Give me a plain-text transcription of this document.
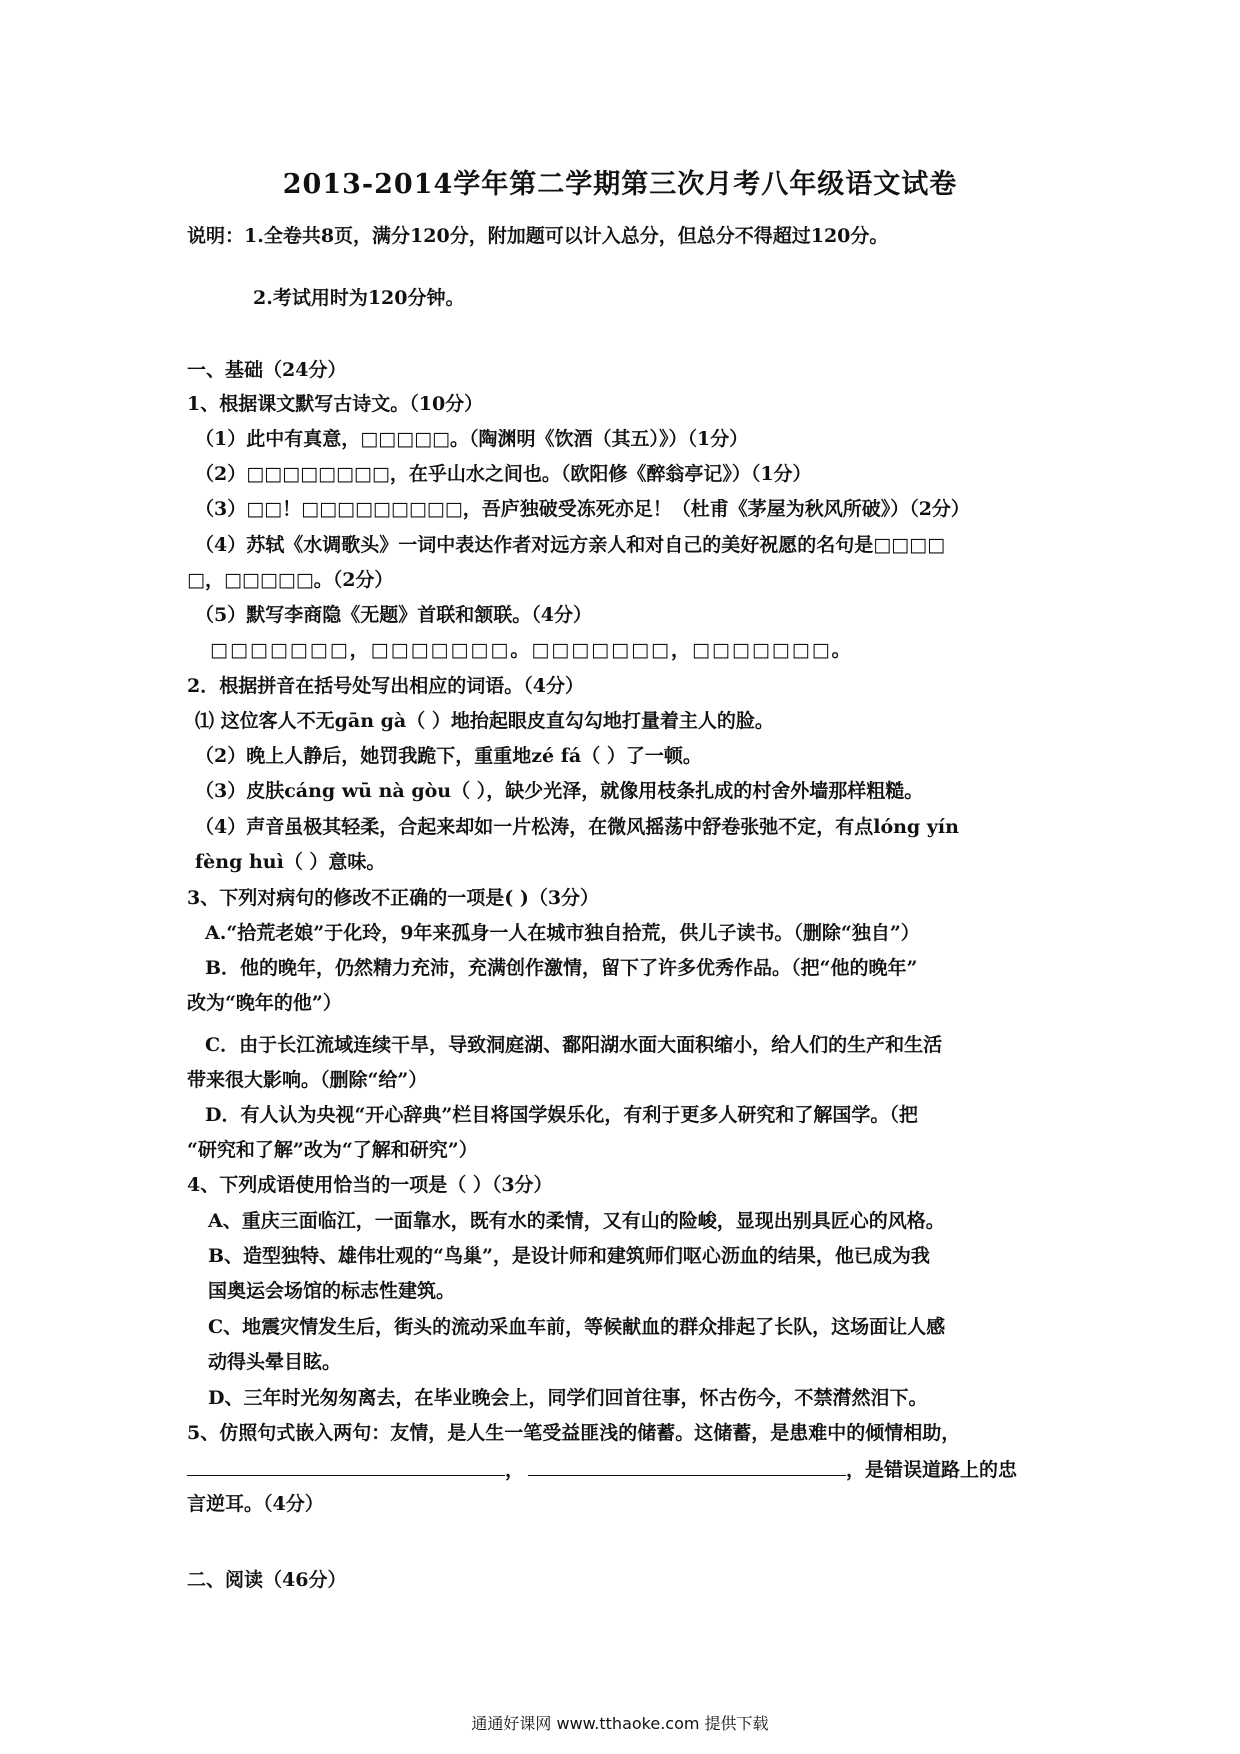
2013-2014学年第二学期第三次月考八年级语文试卷
说明：1.全卷共8页，满分120分，附加题可以计入总分，但总分不得超过120分。
2.考试用时为120分钟。
一、基础（24分）
1、根据课文默写古诗文。（10分）
（1）此中有真意，□□□□□。（陶渊明《饮酒（其五）》）（1分）
（2）□□□□□□□□，在乎山水之间也。（欧阳修《醉翁亭记》）（1分）
（3）□□！□□□□□□□□□，吾庐独破受冻死亦足！（杜甫《茅屋为秋风所破》）（2分）
（4）苏轼《水调歌头》一词中表达作者对远方亲人和对自己的美好祝愿的名句是□□□□
□，□□□□□。（2分）
（5）默写李商隐《无题》首联和颔联。（4分）
□□□□□□□，□□□□□□□。□□□□□□□，□□□□□□□。
2．根据拼音在括号处写出相应的词语。（4分）
⑴ 这位客人不无gān gà（ ）地抬起眼皮直勾勾地打量着主人的脸。
（2）晚上人静后，她罚我跪下，重重地zé fá（ ）了一顿。
（3）皮肤cáng wū nà gòu（ ），缺少光泽，就像用枝条扎成的村舍外墙那样粗糙。
（4）声音虽极其轻柔，合起来却如一片松涛，在微风摇荡中舒卷张弛不定，有点lóng yín
fèng huì（ ）意味。
3、下列对病句的修改不正确的一项是( )（3分）
A.“拾荒老娘”于化玲，9年来孤身一人在城市独自拾荒，供儿子读书。（删除“独自”）
B．他的晚年，仍然精力充沛，充满创作激情，留下了许多优秀作品。（把“他的晚年”
改为“晚年的他”）
C．由于长江流域连续干旱，导致洞庭湖、鄱阳湖水面大面积缩小，给人们的生产和生活
带来很大影响。（删除“给”）
D．有人认为央视“开心辞典”栏目将国学娱乐化，有利于更多人研究和了解国学。（把
“研究和了解”改为“了解和研究”）
4、下列成语使用恰当的一项是（ ）（3分）
A、重庆三面临江，一面靠水，既有水的柔情，又有山的险峻，显现出别具匠心的风格。
B、造型独特、雄伟壮观的“鸟巢”，是设计师和建筑师们呕心沥血的结果，他已成为我
国奥运会场馆的标志性建筑。
C、地震灾情发生后，街头的流动采血车前，等候献血的群众排起了长队，这场面让人感
动得头晕目眩。
D、三年时光匆匆离去，在毕业晚会上，同学们回首往事，怀古伤今，不禁潸然泪下。
5、仿照句式嵌入两句：友情，是人生一笔受益匪浅的储蓄。这储蓄，是患难中的倾情相助，
，	，是错误道路上的忠
言逆耳。（4分）
二、阅读（46分）
通通好课网 www.tthaoke.com 提供下载
